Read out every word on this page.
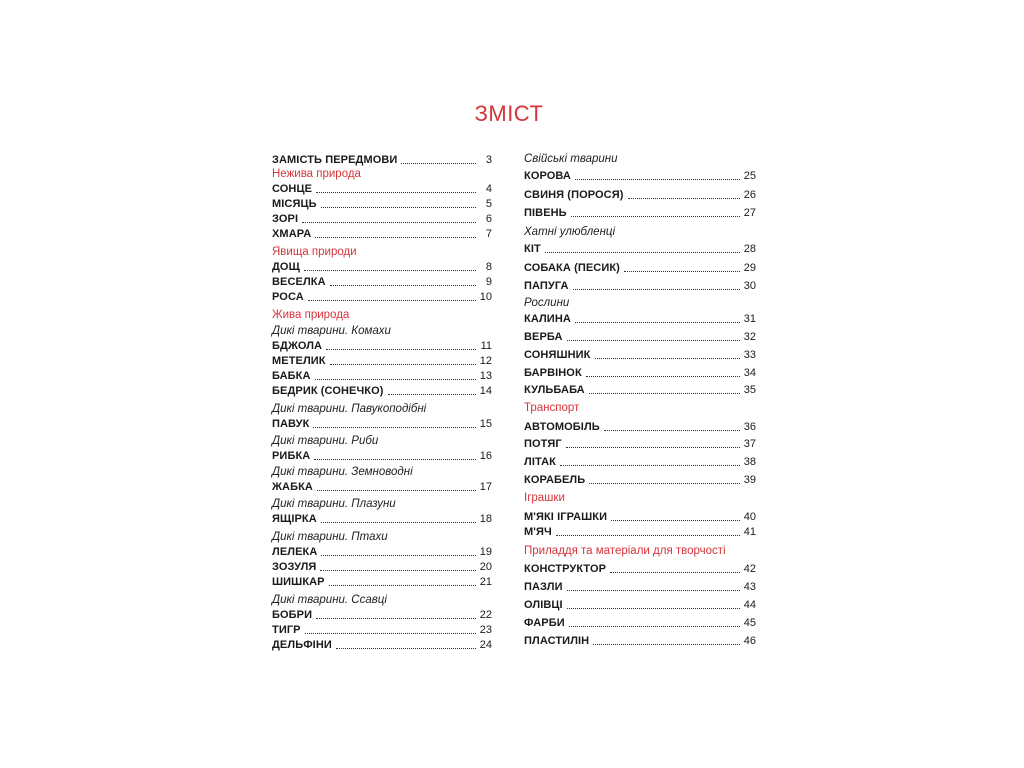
ЗМІСТ
ЗАМІСТЬ ПЕРЕДМОВИ	3
Нежива природа
СОНЦЕ	4
МІСЯЦЬ	5
ЗОРІ	6
ХМАРА	7
Явища природи
ДОЩ	8
ВЕСЕЛКА	9
РОСА	10
Жива природа
Дикі тварини. Комахи
БДЖОЛА	11
МЕТЕЛИК	12
БАБКА	13
БЕДРИК (СОНЕЧКО)	14
Дикі тварини. Павукоподібні
ПАВУК	15
Дикі тварини. Риби
РИБКА	16
Дикі тварини. Земноводні
ЖАБКА	17
Дикі тварини. Плазуни
ЯЩІРКА	18
Дикі тварини. Птахи
ЛЕЛЕКА	19
ЗОЗУЛЯ	20
ШИШКАР	21
Дикі тварини. Ссавці
БОБРИ	22
ТИГР	23
ДЕЛЬФІНИ	24
Свійські тварини
КОРОВА	25
СВИНЯ (ПОРОСЯ)	26
ПІВЕНЬ	27
Хатні улюбленці
КІТ	28
СОБАКА (ПЕСИК)	29
ПАПУГА	30
Рослини
КАЛИНА	31
ВЕРБА	32
СОНЯШНИК	33
БАРВІНОК	34
КУЛЬБАБА	35
Транспорт
АВТОМОБІЛЬ	36
ПОТЯГ	37
ЛІТАК	38
КОРАБЕЛЬ	39
Іграшки
М'ЯКІ ІГРАШКИ	40
М'ЯЧ	41
Приладдя та матеріали для творчості
КОНСТРУКТОР	42
ПАЗЛИ	43
ОЛІВЦІ	44
ФАРБИ	45
ПЛАСТИЛІН	46
